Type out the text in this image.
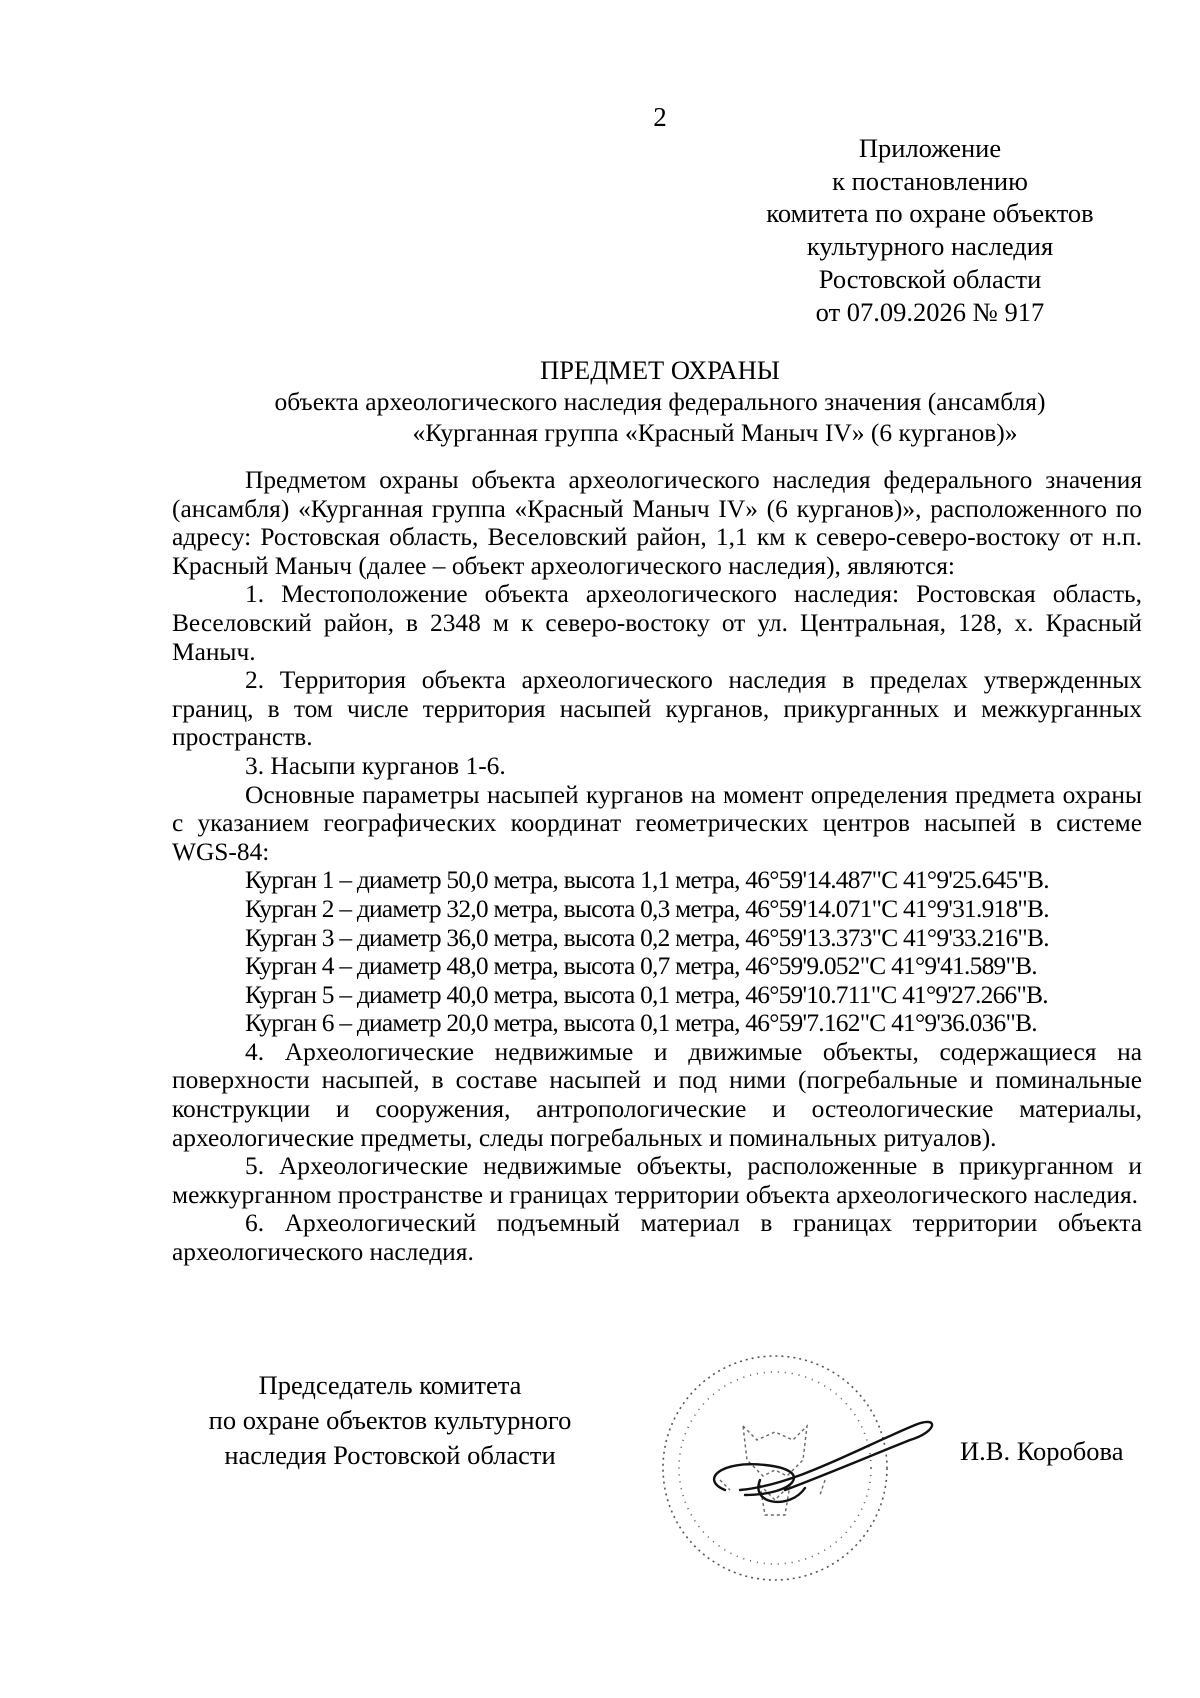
2
Приложение
к постановлению
комитета по охране объектов
культурного наследия
Ростовской области
от 07.09.2026 № 917
ПРЕДМЕТ ОХРАНЫ
объекта археологического наследия федерального значения (ансамбля)
«Курганная группа «Красный Маныч IV» (6 курганов)»

Предметом охраны объекта археологического наследия федерального значения (ансамбля) «Курганная группа «Красный Маныч IV» (6 курганов)», расположенного по адресу: Ростовская область, Веселовский район, 1,1 км к северо-северо-востоку от н.п. Красный Маныч (далее – объект археологического наследия), являются:

1. Местоположение объекта археологического наследия: Ростовская область, Веселовский район, в 2348 м к северо-востоку от ул. Центральная, 128, х. Красный Маныч.

2. Территория объекта археологического наследия в пределах утвержденных границ, в том числе территория насыпей курганов, прикурганных и межкурганных пространств.

3. Насыпи курганов 1-6.

Основные параметры насыпей курганов на момент определения предмета охраны с указанием географических координат геометрических центров насыпей в системе WGS-84:

Курган 1 – диаметр 50,0 метра, высота 1,1 метра, 46°59'14.487"С 41°9'25.645"В.

Курган 2 – диаметр 32,0 метра, высота 0,3 метра, 46°59'14.071"С 41°9'31.918"В.

Курган 3 – диаметр 36,0 метра, высота 0,2 метра, 46°59'13.373"С 41°9'33.216"В.

Курган 4 – диаметр 48,0 метра, высота 0,7 метра, 46°59'9.052"С 41°9'41.589"В.

Курган 5 – диаметр 40,0 метра, высота 0,1 метра, 46°59'10.711"С 41°9'27.266"В.

Курган 6 – диаметр 20,0 метра, высота 0,1 метра, 46°59'7.162"С 41°9'36.036"В.

4. Археологические недвижимые и движимые объекты, содержащиеся на поверхности насыпей, в составе насыпей и под ними (погребальные и поминальные конструкции и сооружения, антропологические и остеологические материалы, археологические предметы, следы погребальных и поминальных ритуалов).

5. Археологические недвижимые объекты, расположенные в прикурганном и межкурганном пространстве и границах территории объекта археологического наследия.

6. Археологический подъемный материал в границах территории объекта археологического наследия.

Председатель комитета
по охране объектов культурного
наследия Ростовской области	И.В. Коробова
